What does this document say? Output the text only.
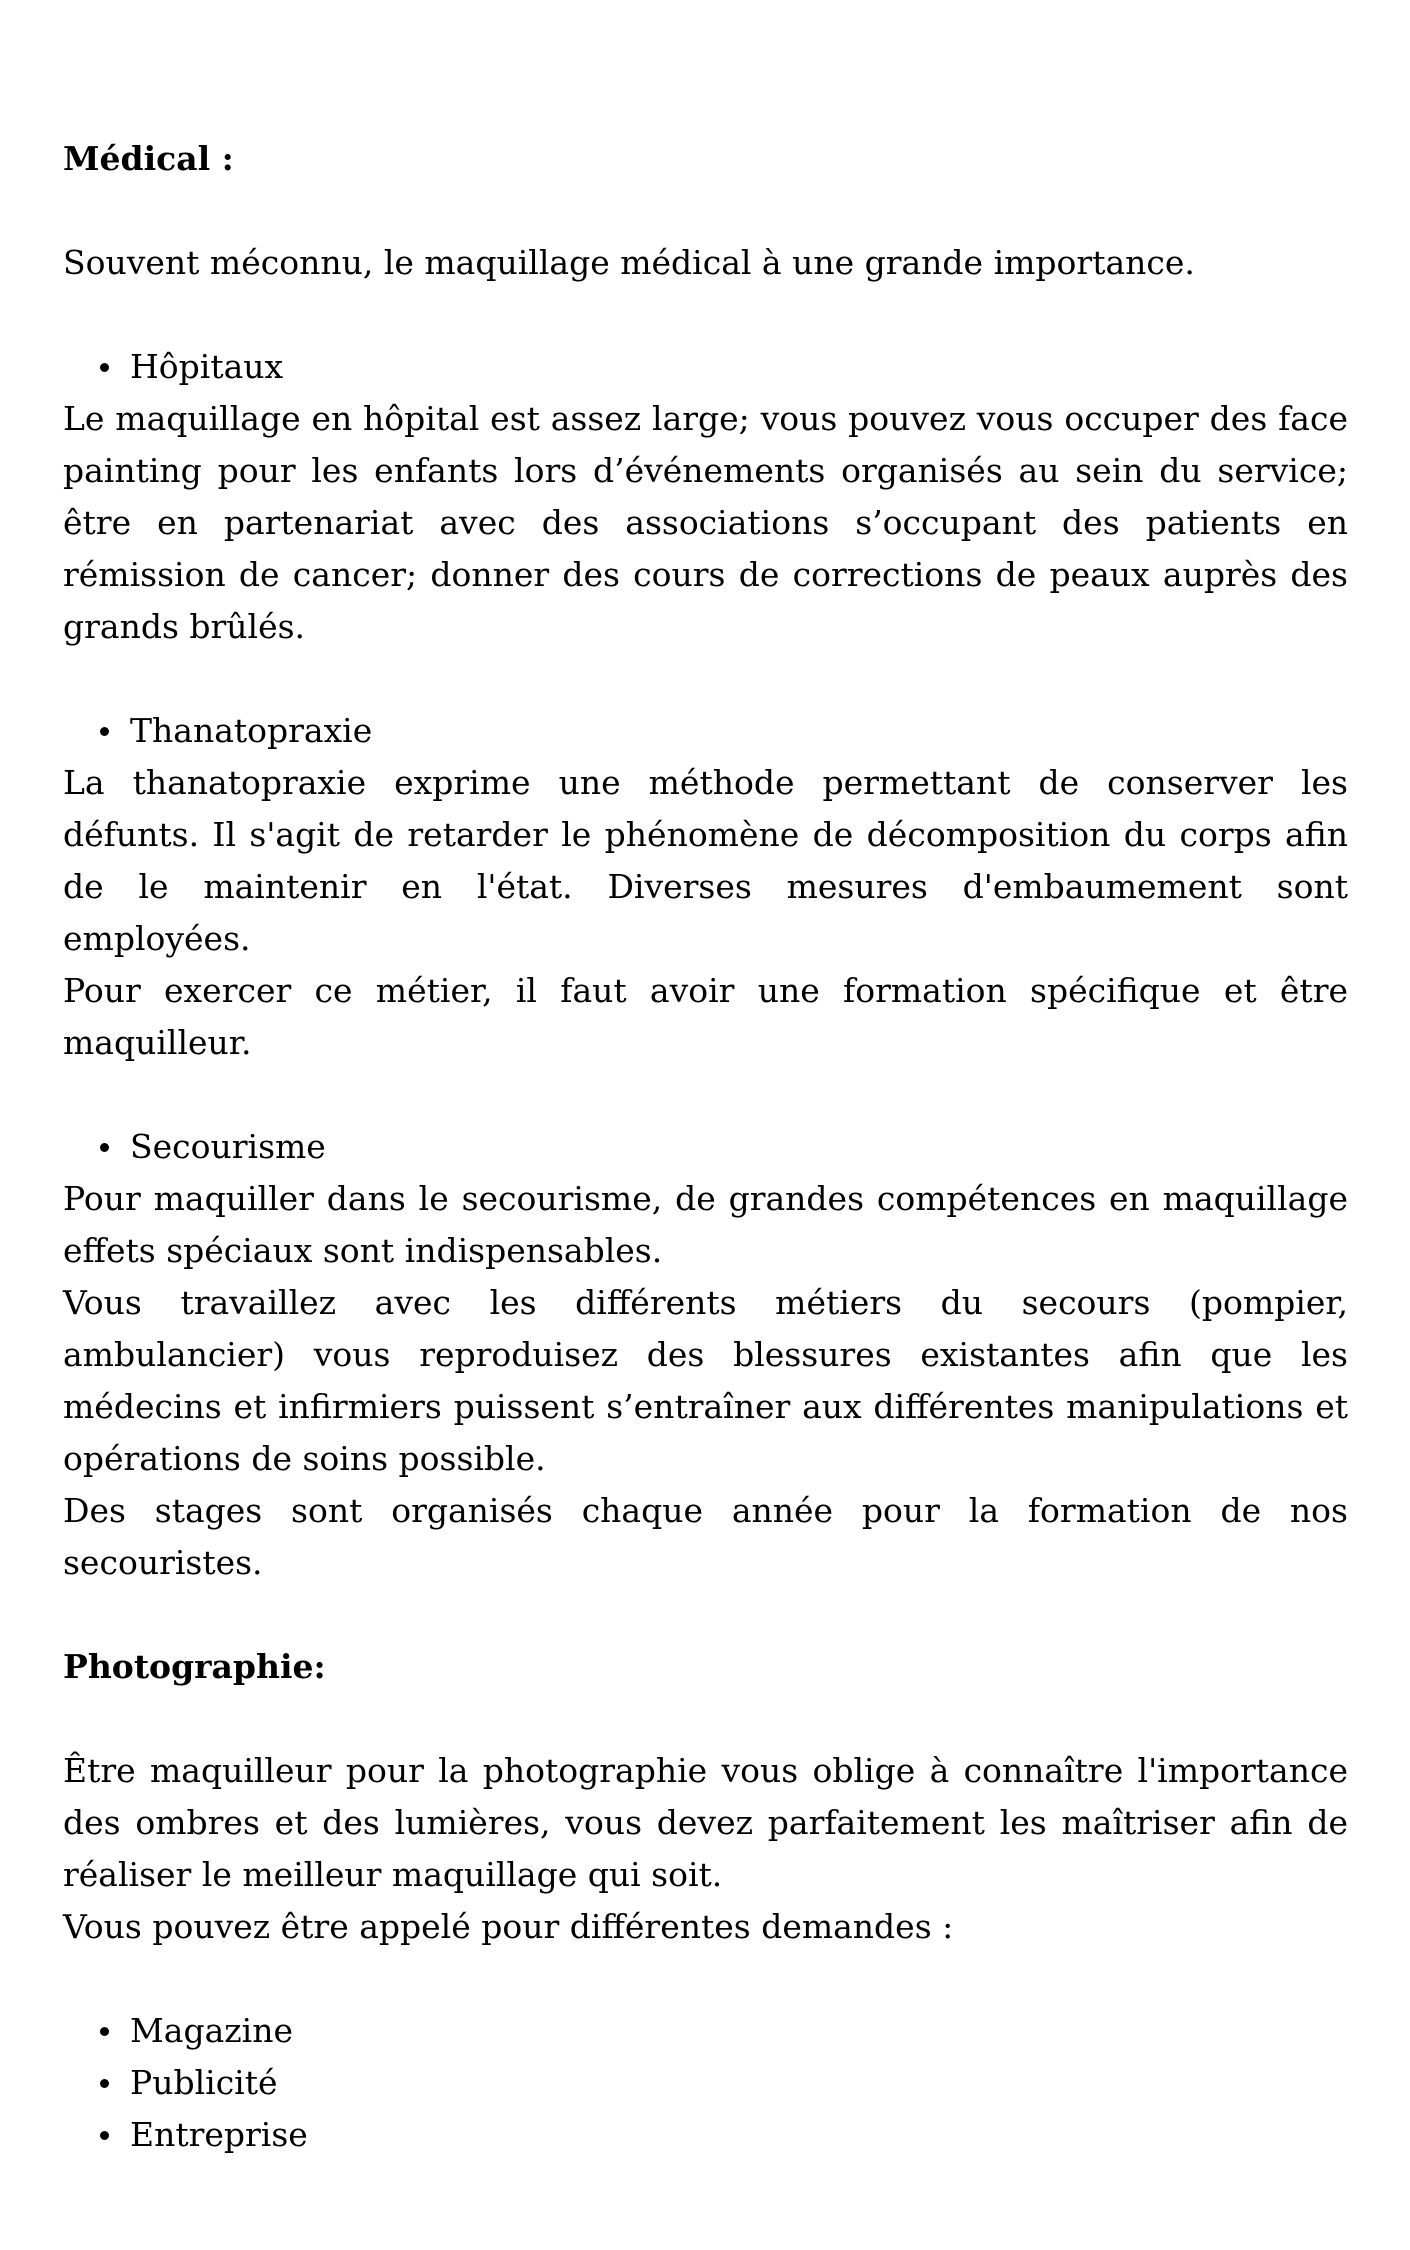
Médical :

Souvent méconnu, le maquillage médical à une grande importance.

Hôpitaux

Le maquillage en hôpital est assez large; vous pouvez vous occuper des face painting pour les enfants lors d’événements organisés au sein du service; être en partenariat avec des associations s’occupant des patients en rémission de cancer; donner des cours de corrections de peaux auprès des grands brûlés.

Thanatopraxie

La thanatopraxie exprime une méthode permettant de conserver les défunts. Il s'agit de retarder le phénomène de décomposition du corps afin de le maintenir en l'état. Diverses mesures d'embaumement sont employées.

Pour exercer ce métier, il faut avoir une formation spécifique et être maquilleur.

Secourisme

Pour maquiller dans le secourisme, de grandes compétences en maquillage effets spéciaux sont indispensables.

Vous travaillez avec les différents métiers du secours (pompier, ambulancier) vous reproduisez des blessures existantes afin que les médecins et infirmiers puissent s’entraîner aux différentes manipulations et opérations de soins possible.

Des stages sont organisés chaque année pour la formation de nos secouristes.

Photographie:

Être maquilleur pour la photographie vous oblige à connaître l'importance des ombres et des lumières, vous devez parfaitement les maîtriser afin de réaliser le meilleur maquillage qui soit.

Vous pouvez être appelé pour différentes demandes :

Magazine
Publicité
Entreprise
